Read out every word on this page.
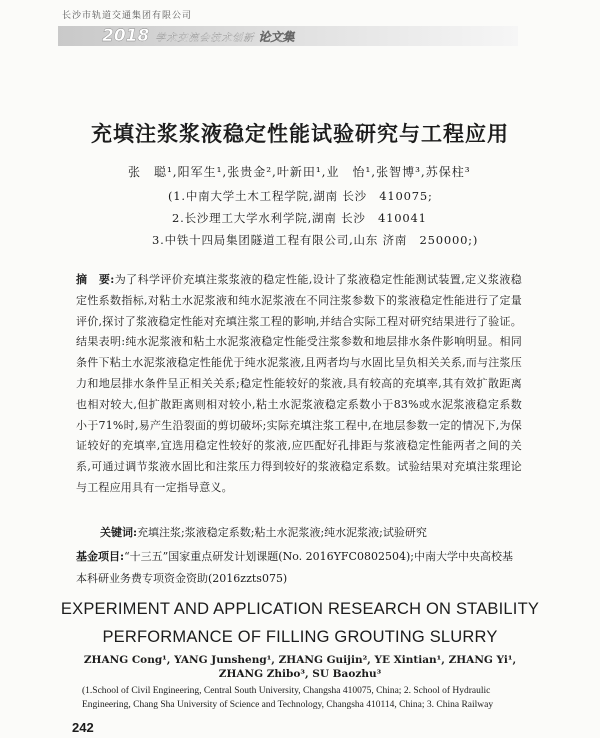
长沙市轨道交通集团有限公司
2018 学术交流会技术创新 论文集
充填注浆浆液稳定性能试验研究与工程应用
张　聪¹,阳军生¹,张贵金²,叶新田¹,业　怡¹,张智博³,苏保柱³
(1.中南大学土木工程学院,湖南 长沙　410075;
2.长沙理工大学水利学院,湖南 长沙　410041
3.中铁十四局集团隧道工程有限公司,山东 济南　250000;)
摘　要:为了科学评价充填注浆浆液的稳定性能,设计了浆液稳定性能测试装置,定义浆液稳定性系数指标,对粘土水泥浆液和纯水泥浆液在不同注浆参数下的浆液稳定性能进行了定量评价,探讨了浆液稳定性能对充填注浆工程的影响,并结合实际工程对研究结果进行了验证。结果表明:纯水泥浆液和粘土水泥浆液稳定性能受注浆参数和地层排水条件影响明显。相同条件下粘土水泥浆液稳定性能优于纯水泥浆液,且两者均与水固比呈负相关关系,而与注浆压力和地层排水条件呈正相关关系;稳定性能较好的浆液,具有较高的充填率,其有效扩散距离也相对较大,但扩散距离则相对较小,粘土水泥浆液稳定系数小于83%或水泥浆液稳定系数小于71%时,易产生沿裂面的剪切破坏;实际充填注浆工程中,在地层参数一定的情况下,为保证较好的充填率,宜选用稳定性较好的浆液,应匹配好孔排距与浆液稳定性能两者之间的关系,可通过调节浆液水固比和注浆压力得到较好的浆液稳定系数。试验结果对充填注浆理论与工程应用具有一定指导意义。
关键词:充填注浆;浆液稳定系数;粘土水泥浆液;纯水泥浆液;试验研究
基金项目:“十三五”国家重点研发计划课题(No. 2016YFC0802504);中南大学中央高校基本科研业务费专项资金资助(2016zzts075)
EXPERIMENT AND APPLICATION RESEARCH ON STABILITY
PERFORMANCE OF FILLING GROUTING SLURRY
ZHANG Cong¹, YANG Junsheng¹, ZHANG Guijin², YE Xintian¹, ZHANG Yi¹,
ZHANG Zhibo³, SU Baozhu³
(1.School of Civil Engineering, Central South University, Changsha 410075, China; 2. School of Hydraulic
Engineering, Chang Sha University of Science and Technology, Changsha 410114, China; 3. China Railway
242
